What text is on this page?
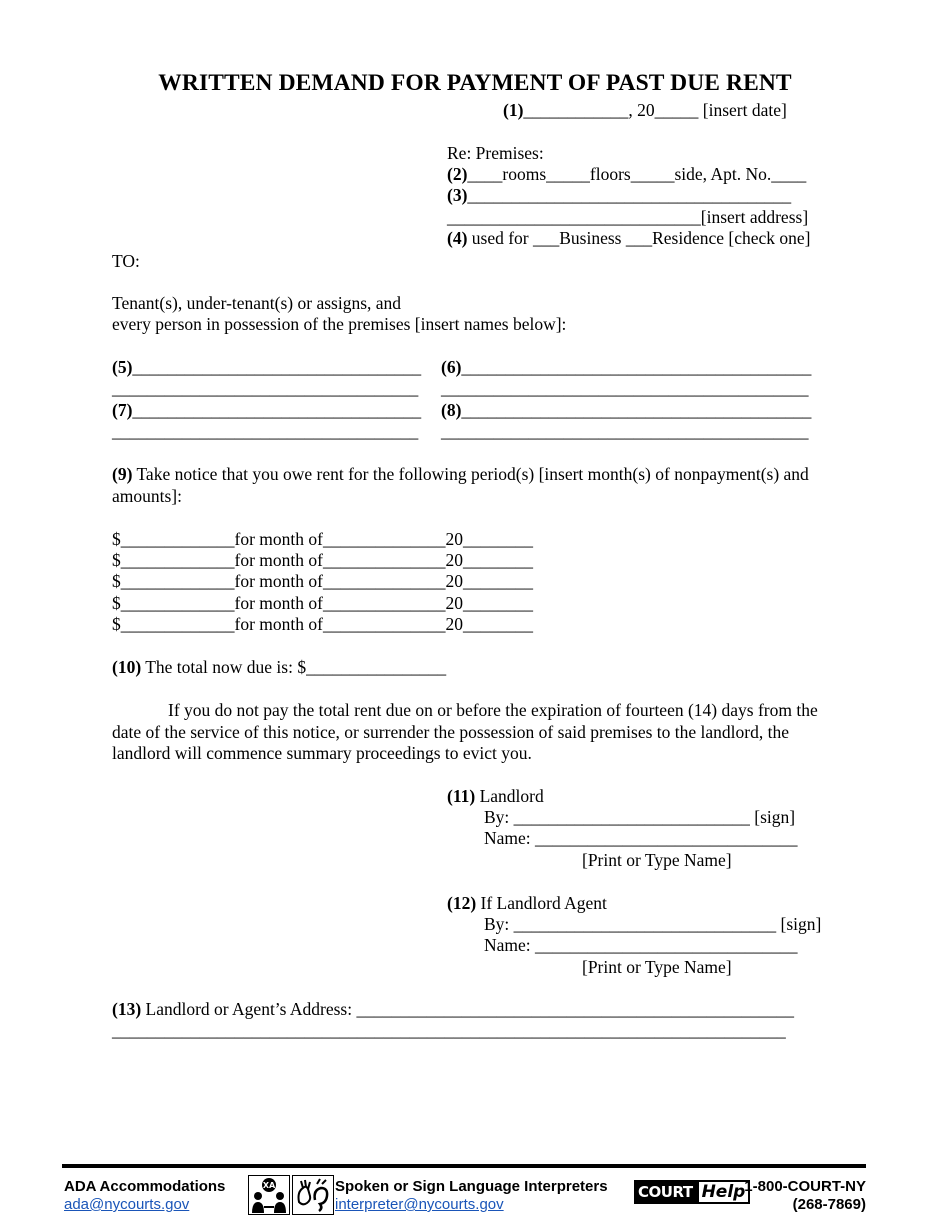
WRITTEN DEMAND FOR PAYMENT OF PAST DUE RENT
(1)____________, 20_____ [insert date]
Re: Premises:
(2)____rooms_____floors_____side, Apt. No.____
(3)_____________________________________
_____________________________[insert address]
(4) used for ___Business ___Residence [check one]
TO:
Tenant(s), under-tenant(s) or assigns, and
every person in possession of the premises [insert names below]:
(5)_________________________________
___________________________________
(6)________________________________________
__________________________________________
(7)_________________________________
___________________________________
(8)________________________________________
__________________________________________
(9) Take notice that you owe rent for the following period(s) [insert month(s) of nonpayment(s) and amounts]:
$_____________for month of______________20________
$_____________for month of______________20________
$_____________for month of______________20________
$_____________for month of______________20________
$_____________for month of______________20________
(10) The total now due is: $________________
If you do not pay the total rent due on or before the expiration of fourteen (14) days from the date of the service of this notice, or surrender the possession of said premises to the landlord, the landlord will commence summary proceedings to evict you.
(11) Landlord
By: ___________________________ [sign]
Name: ______________________________
[Print or Type Name]
(12) If Landlord Agent
By: ______________________________ [sign]
Name: ______________________________
[Print or Type Name]
(13) Landlord or Agent’s Address: __________________________________________________
_____________________________________________________________________________
ADA Accommodations
ada@nycourts.gov
XA	Spoken or Sign Language Interpreters
interpreter@nycourts.gov
COURT Help
1-800-COURT-NY
(268-7869)
